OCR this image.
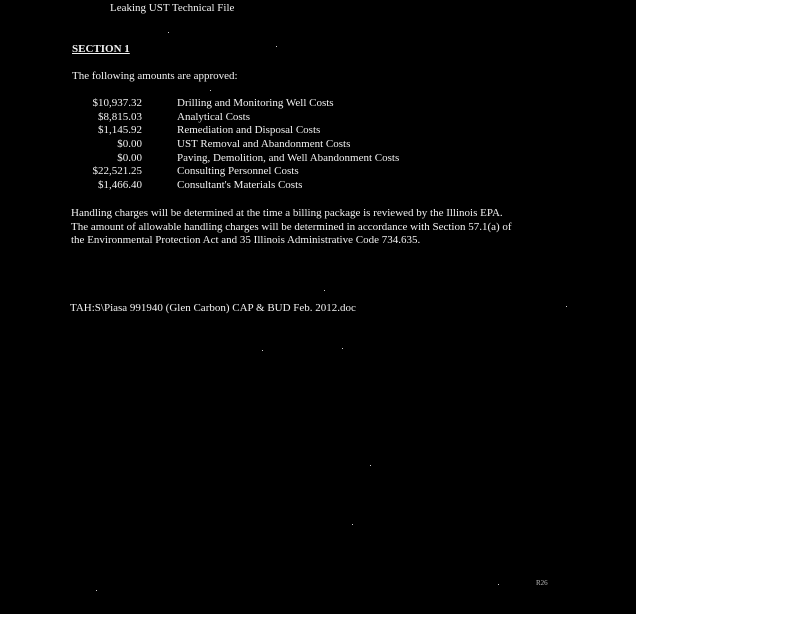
Leaking UST Technical File
SECTION 1
The following amounts are approved:
$10,937.32	Drilling and Monitoring Well Costs
$8,815.03	Analytical Costs
$1,145.92	Remediation and Disposal Costs
$0.00	UST Removal and Abandonment Costs
$0.00	Paving, Demolition, and Well Abandonment Costs
$22,521.25	Consulting Personnel Costs
$1,466.40	Consultant's Materials Costs
Handling charges will be determined at the time a billing package is reviewed by the Illinois EPA.
The amount of allowable handling charges will be determined in accordance with Section 57.1(a) of
the Environmental Protection Act and 35 Illinois Administrative Code 734.635.
TAH:S\Piasa 991940 (Glen Carbon) CAP & BUD Feb. 2012.doc
R26
